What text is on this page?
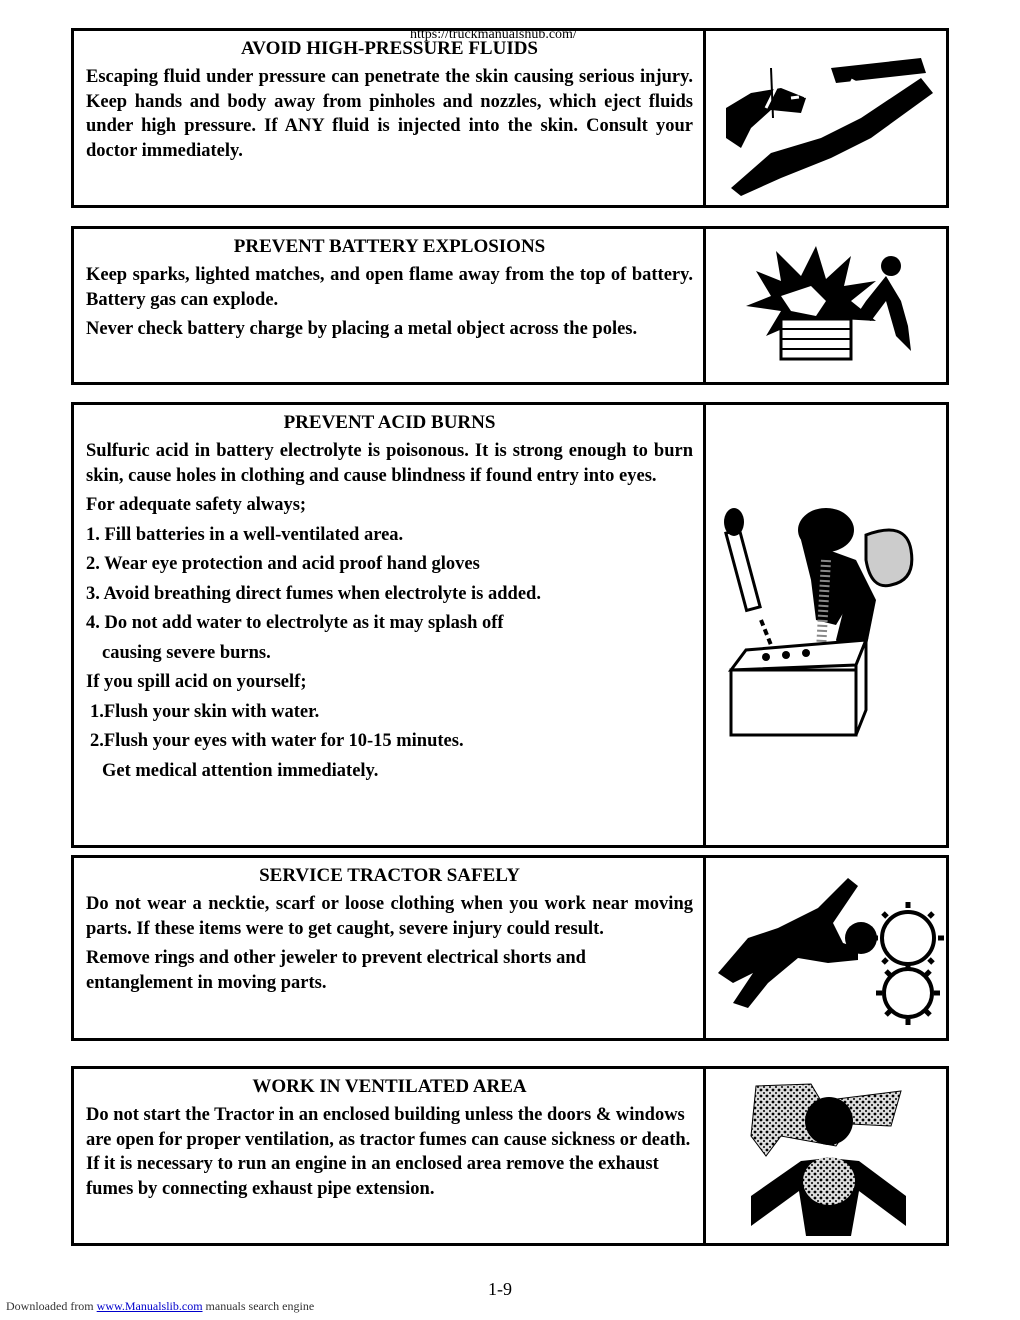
https://truckmanualshub.com/
AVOID HIGH-PRESSURE FLUIDS

Escaping fluid under pressure can penetrate the skin causing serious injury. Keep hands and body away from pinholes and nozzles, which eject fluids under high pressure. If ANY fluid is injected into the skin. Consult your doctor immediately.

PREVENT BATTERY EXPLOSIONS

Keep sparks, lighted matches, and open flame away from the top of battery. Battery gas can explode.

Never check battery charge by placing a metal object across the poles.

PREVENT ACID BURNS

Sulfuric acid in battery electrolyte is poisonous. It is strong enough to burn skin, cause holes in clothing and cause blindness if found entry into eyes.

For adequate safety always;
1. Fill batteries in a well-ventilated area.
2. Wear eye protection and acid proof hand gloves
3. Avoid breathing direct fumes when electrolyte is added.
4. Do not add water to electrolyte as it may splash off
causing severe burns.
If you spill acid on yourself;
1.Flush your skin with water.
2.Flush your eyes with water for 10-15 minutes.
Get medical attention immediately.
SERVICE TRACTOR SAFELY

Do not wear a necktie, scarf or loose clothing when you work near moving parts. If these items were to get caught, severe injury could result.

Remove rings and other jeweler to prevent electrical shorts and entanglement in moving parts.

WORK IN VENTILATED AREA

Do not start the Tractor in an enclosed building unless the doors & windows are open for proper ventilation, as tractor fumes can cause sickness or death. If it is necessary to run an engine in an enclosed area remove the exhaust fumes by connecting exhaust pipe extension.

1-9
Downloaded from www.Manualslib.com manuals search engine
